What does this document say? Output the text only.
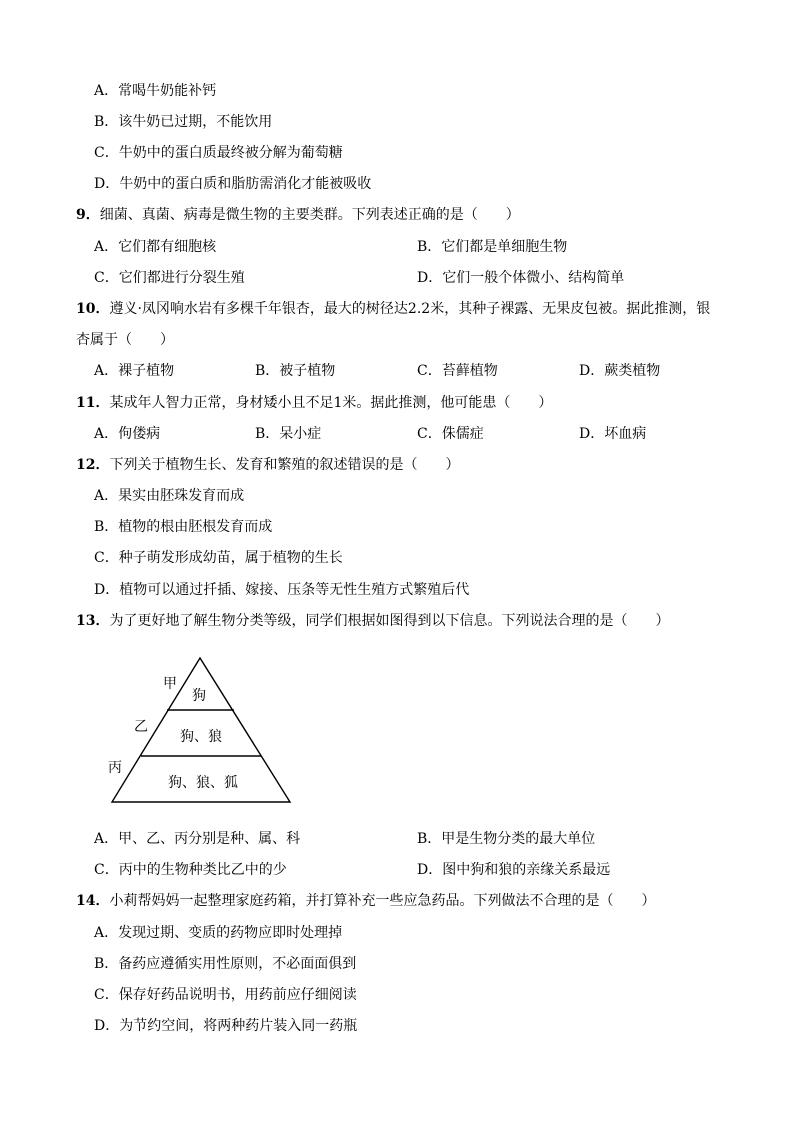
A．常喝牛奶能补钙
B．该牛奶已过期，不能饮用
C．牛奶中的蛋白质最终被分解为葡萄糖
D．牛奶中的蛋白质和脂肪需消化才能被吸收
9．细菌、真菌、病毒是微生物的主要类群。下列表述正确的是（　　）
A．它们都有细胞核	B．它们都是单细胞生物
C．它们都进行分裂生殖	D．它们一般个体微小、结构简单
10．遵义·凤冈响水岩有多棵千年银杏，最大的树径达2.2米，其种子裸露、无果皮包被。据此推测，银
杏属于（　　）
A．裸子植物	B．被子植物	C．苔藓植物	D．蕨类植物
11．某成年人智力正常，身材矮小且不足1米。据此推测，他可能患（　　）
A．佝偻病	B．呆小症	C．侏儒症	D．坏血病
12．下列关于植物生长、发育和繁殖的叙述错误的是（　　）
A．果实由胚珠发育而成
B．植物的根由胚根发育而成
C．种子萌发形成幼苗，属于植物的生长
D．植物可以通过扦插、嫁接、压条等无性生殖方式繁殖后代
13．为了更好地了解生物分类等级，同学们根据如图得到以下信息。下列说法合理的是（　　）
狗
狗、狼
狗、狼、狐
甲
乙
丙
A．甲、乙、丙分别是种、属、科	B．甲是生物分类的最大单位
C．丙中的生物种类比乙中的少	D．图中狗和狼的亲缘关系最远
14．小莉帮妈妈一起整理家庭药箱，并打算补充一些应急药品。下列做法不合理的是（　　）
A．发现过期、变质的药物应即时处理掉
B．备药应遵循实用性原则，不必面面俱到
C．保存好药品说明书，用药前应仔细阅读
D．为节约空间，将两种药片装入同一药瓶
